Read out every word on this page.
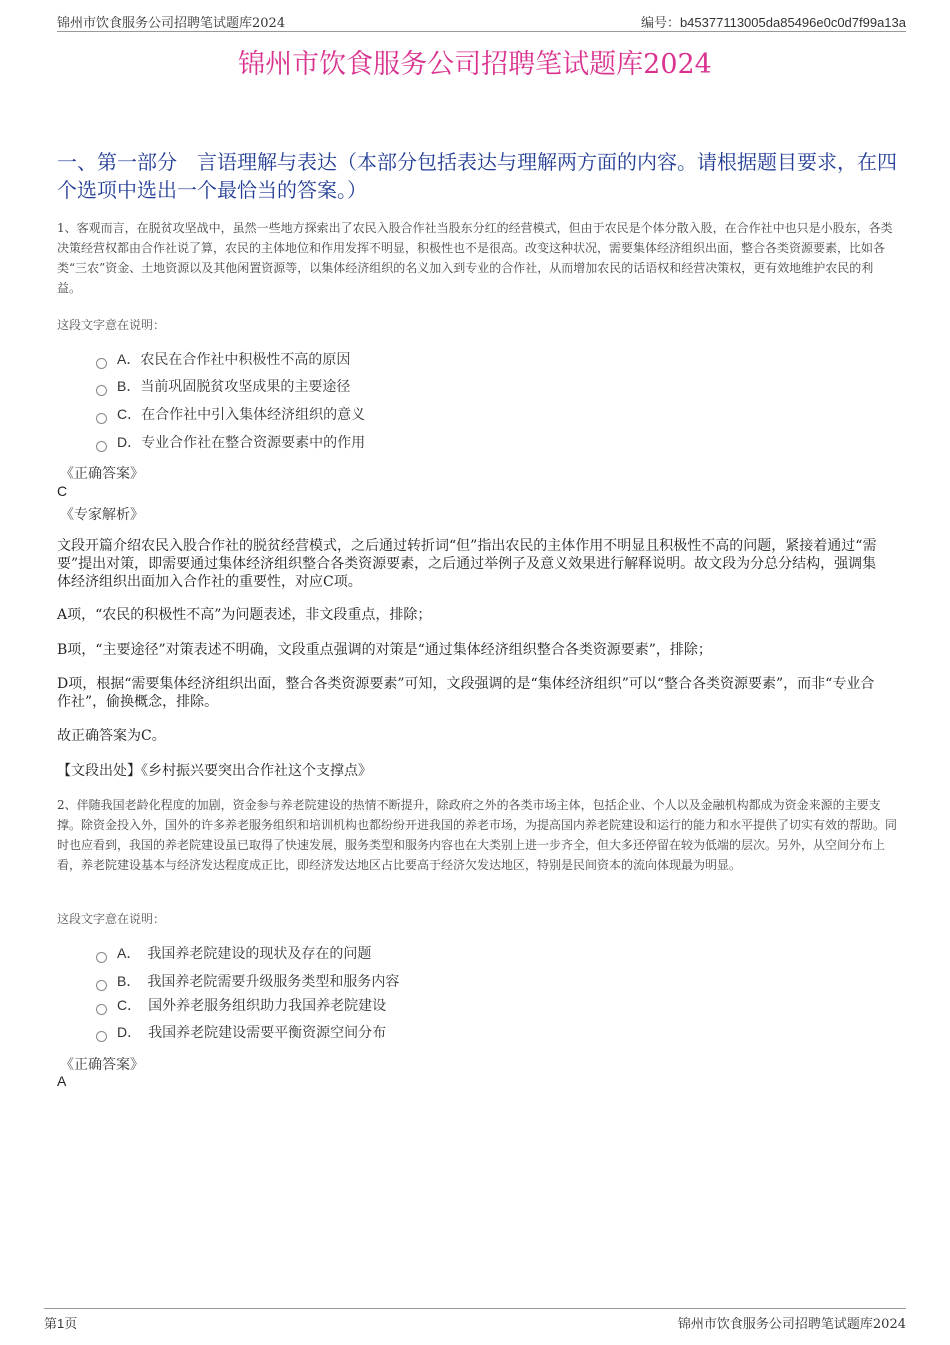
锦州市饮食服务公司招聘笔试题库2024	编号：b45377113005da85496e0c0d7f99a13a
锦州市饮食服务公司招聘笔试题库2024
一、第一部分　言语理解与表达（本部分包括表达与理解两方面的内容。请根据题目要求，在四个选项中选出一个最恰当的答案。）
1、客观而言，在脱贫攻坚战中，虽然一些地方探索出了农民入股合作社当股东分红的经营模式，但由于农民是个体分散入股，在合作社中也只是小股东，各类决策经营权都由合作社说了算，农民的主体地位和作用发挥不明显，积极性也不是很高。改变这种状况，需要集体经济组织出面，整合各类资源要素，比如各类“三农”资金、土地资源以及其他闲置资源等，以集体经济组织的名义加入到专业的合作社，从而增加农民的话语权和经营决策权，更有效地维护农民的利益。
这段文字意在说明：
A．农民在合作社中积极性不高的原因
B．当前巩固脱贫攻坚成果的主要途径
C．在合作社中引入集体经济组织的意义
D．专业合作社在整合资源要素中的作用
《正确答案》
C
《专家解析》
文段开篇介绍农民入股合作社的脱贫经营模式，之后通过转折词“但”指出农民的主体作用不明显且积极性不高的问题，紧接着通过“需要”提出对策，即需要通过集体经济组织整合各类资源要素，之后通过举例子及意义效果进行解释说明。故文段为分总分结构，强调集体经济组织出面加入合作社的重要性，对应C项。
A项，“农民的积极性不高”为问题表述，非文段重点，排除；
B项，“主要途径”对策表述不明确，文段重点强调的对策是“通过集体经济组织整合各类资源要素”，排除；
D项，根据“需要集体经济组织出面，整合各类资源要素”可知，文段强调的是“集体经济组织”可以“整合各类资源要素”，而非“专业合作社”，偷换概念，排除。
故正确答案为C。
【文段出处】《乡村振兴要突出合作社这个支撑点》
2、伴随我国老龄化程度的加剧，资金参与养老院建设的热情不断提升，除政府之外的各类市场主体，包括企业、个人以及金融机构都成为资金来源的主要支撑。除资金投入外，国外的许多养老服务组织和培训机构也都纷纷开进我国的养老市场，为提高国内养老院建设和运行的能力和水平提供了切实有效的帮助。同时也应看到，我国的养老院建设虽已取得了快速发展，服务类型和服务内容也在大类别上进一步齐全，但大多还停留在较为低端的层次。另外，从空间分布上看，养老院建设基本与经济发达程度成正比，即经济发达地区占比要高于经济欠发达地区，特别是民间资本的流向体现最为明显。
这段文字意在说明：
A．　我国养老院建设的现状及存在的问题
B．　我国养老院需要升级服务类型和服务内容
C．　国外养老服务组织助力我国养老院建设
D．　我国养老院建设需要平衡资源空间分布
《正确答案》
A
第1页	锦州市饮食服务公司招聘笔试题库2024
